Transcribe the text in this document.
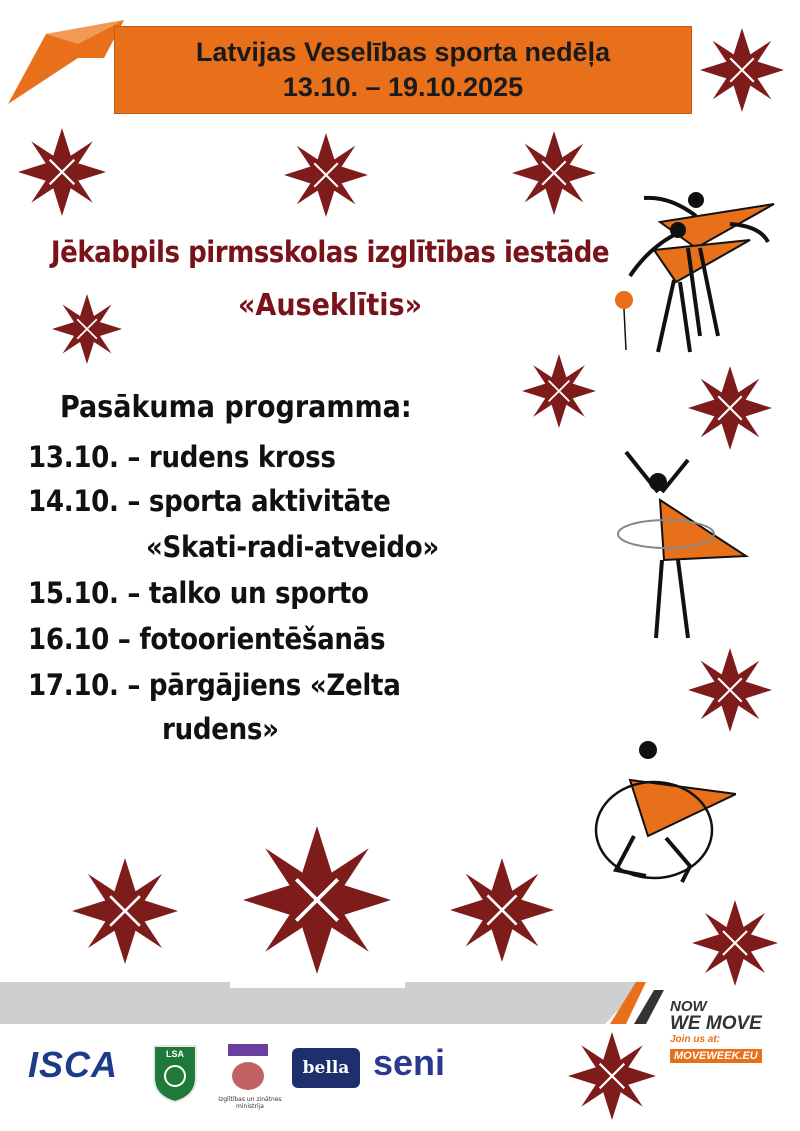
Latvijas Veselības sporta nedēļa
13.10. – 19.10.2025
Jēkabpils pirmsskolas izglītības iestāde
«Auseklītis»
Pasākuma programma:
13.10. – rudens kross
14.10. – sporta aktivitāte
«Skati-radi-atveido»
15.10. – talko un sporto
16.10 – fotoorientēšanās
17.10. – pārgājiens «Zelta
rudens»
ISCA	LSA
Izglītības un zinātnes ministrija
bella seni
NOW
WE MOVE
Join us at:
MOVEWEEK.EU
